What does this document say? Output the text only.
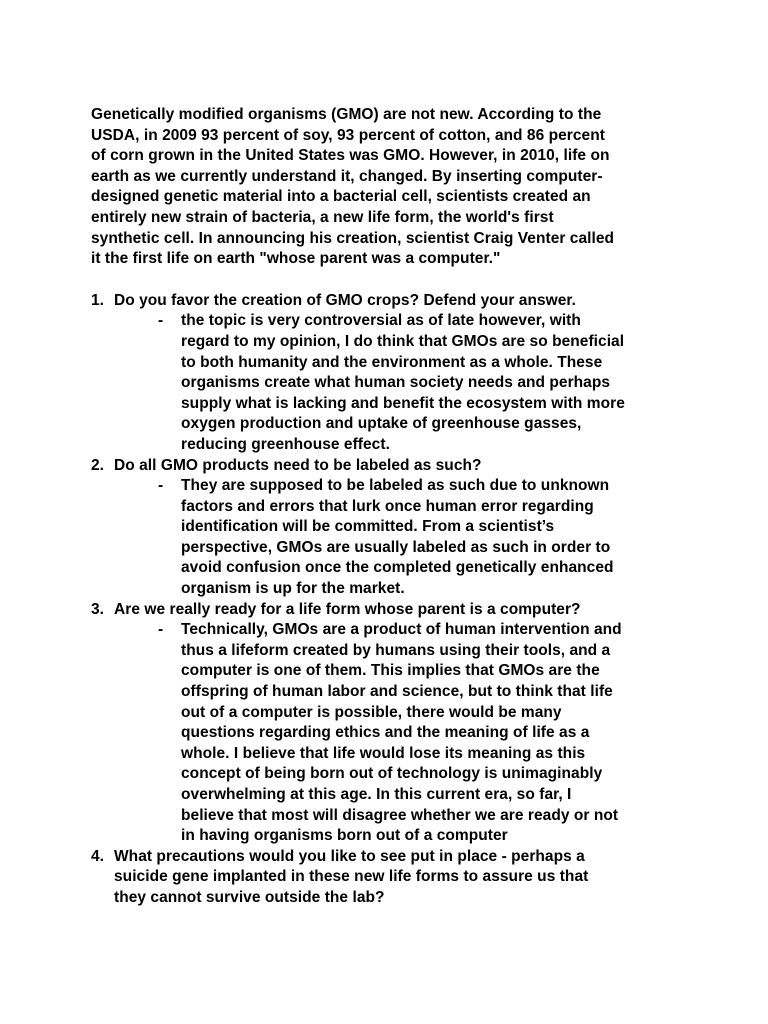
Genetically modified organisms (GMO) are not new. According to the
USDA, in 2009 93 percent of soy, 93 percent of cotton, and 86 percent
of corn grown in the United States was GMO. However, in 2010, life on
earth as we currently understand it, changed. By inserting computer-
designed genetic material into a bacterial cell, scientists created an
entirely new strain of bacteria, a new life form, the world's first
synthetic cell. In announcing his creation, scientist Craig Venter called
it the first life on earth "whose parent was a computer."
1. Do you favor the creation of GMO crops? Defend your answer.
- the topic is very controversial as of late however, with
regard to my opinion, I do think that GMOs are so beneficial
to both humanity and the environment as a whole. These
organisms create what human society needs and perhaps
supply what is lacking and benefit the ecosystem with more
oxygen production and uptake of greenhouse gasses,
reducing greenhouse effect.
2. Do all GMO products need to be labeled as such?
- They are supposed to be labeled as such due to unknown
factors and errors that lurk once human error regarding
identification will be committed. From a scientist’s
perspective, GMOs are usually labeled as such in order to
avoid confusion once the completed genetically enhanced
organism is up for the market.
3. Are we really ready for a life form whose parent is a computer?
- Technically, GMOs are a product of human intervention and
thus a lifeform created by humans using their tools, and a
computer is one of them. This implies that GMOs are the
offspring of human labor and science, but to think that life
out of a computer is possible, there would be many
questions regarding ethics and the meaning of life as a
whole. I believe that life would lose its meaning as this
concept of being born out of technology is unimaginably
overwhelming at this age. In this current era, so far, I
believe that most will disagree whether we are ready or not
in having organisms born out of a computer
4. What precautions would you like to see put in place - perhaps a
suicide gene implanted in these new life forms to assure us that
they cannot survive outside the lab?
